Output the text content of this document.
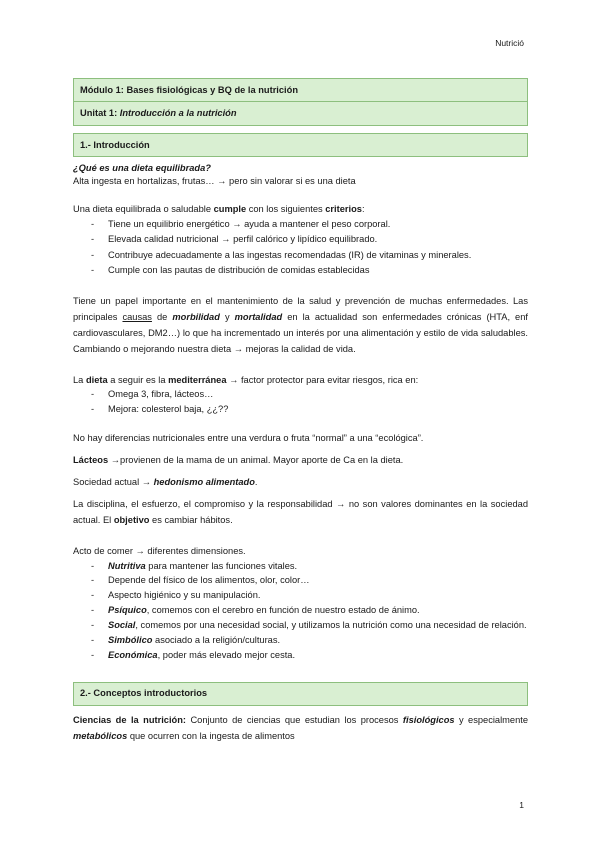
Nutrició
Módulo 1: Bases fisiológicas y BQ de la nutrición
Unitat 1:
Introducción a la nutrición
1.- Introducción

¿Qué es una dieta equilibrada?

Alta ingesta en hortalizas, frutas… → pero sin valorar si es una dieta

Una dieta equilibrada o saludable cumple con los siguientes criterios:

- Tiene un equilibrio energético → ayuda a mantener el peso corporal.
- Elevada calidad nutricional → perfil calórico y lipídico equilibrado.
- Contribuye adecuadamente a las ingestas recomendadas (IR) de vitaminas y minerales.
- Cumple con las pautas de distribución de comidas establecidas

Tiene un papel importante en el mantenimiento de la salud y prevención de muchas enfermedades. Las principales causas de morbilidad y mortalidad en la actualidad son enfermedades crónicas (HTA, enf cardiovasculares, DM2…) lo que ha incrementado un interés por una alimentación y estilo de vida saludables. Cambiando o mejorando nuestra dieta → mejoras la calidad de vida.

La dieta a seguir es la mediterránea → factor protector para evitar riesgos, rica en:

- Omega 3, fibra, lácteos…
- Mejora: colesterol baja, ¿¿??

No hay diferencias nutricionales entre una verdura o fruta “normal” a una “ecológica”.

Lácteos →provienen de la mama de un animal. Mayor aporte de Ca en la dieta.

Sociedad actual → hedonismo alimentado.

La disciplina, el esfuerzo, el compromiso y la responsabilidad → no son valores dominantes en la sociedad actual. El objetivo es cambiar hábitos.

Acto de comer → diferentes dimensiones.

- Nutritiva para mantener las funciones vitales.
- Depende del físico de los alimentos, olor, color…
- Aspecto higiénico y su manipulación.
- Psíquico, comemos con el cerebro en función de nuestro estado de ánimo.
- Social, comemos por una necesidad social, y utilizamos la nutrición como una necesidad de relación.
- Simbólico asociado a la religión/culturas.
- Económica, poder más elevado mejor cesta.
2.- Conceptos introductorios

Ciencias de la nutrición: Conjunto de ciencias que estudian los procesos fisiológicos y especialmente metabólicos que ocurren con la ingesta de alimentos

1
